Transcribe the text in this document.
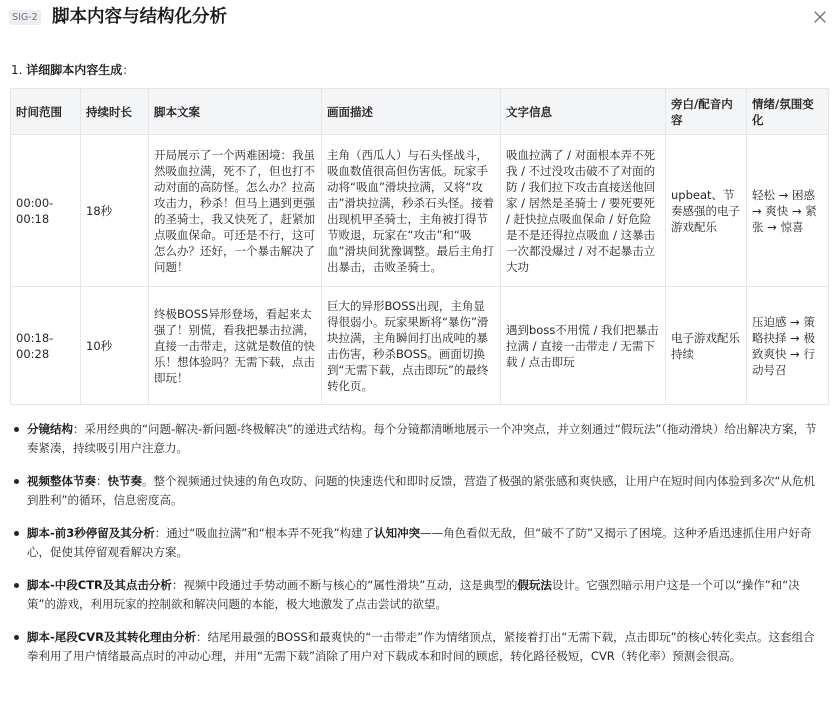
SIG-2 脚本内容与结构化分析
1. 详细脚本内容生成：
时间范围	持续时长	脚本文案	画面描述	文字信息	旁白/配音内容	情绪/氛围变化
00:00-00:18	18秒	开局展示了一个两难困境：我虽然吸血拉满，死不了，但也打不动对面的高防怪。怎么办？拉高攻击力，秒杀！但马上遇到更强的圣骑士，我又快死了，赶紧加点吸血保命。可还是不行，这可怎么办？还好，一个暴击解决了问题！	主角（西瓜人）与石头怪战斗，吸血数值很高但伤害低。玩家手动将“吸血”滑块拉满，又将“攻击”滑块拉满，秒杀石头怪。接着出现机甲圣骑士，主角被打得节节败退，玩家在“攻击”和“吸血”滑块间犹豫调整。最后主角打出暴击，击败圣骑士。	吸血拉满了 / 对面根本弄不死我 / 不过没攻击破不了对面的防 / 我们拉下攻击直接送他回家 / 居然是圣骑士 / 要死要死 / 赶快拉点吸血保命 / 好危险是不是还得拉点吸血 / 这暴击一次都没爆过 / 对不起暴击立大功	upbeat、节奏感强的电子游戏配乐	轻松 → 困惑 → 爽快 → 紧张 → 惊喜
00:18-00:28	10秒	终极BOSS异形登场，看起来太强了！别慌，看我把暴击拉满，直接一击带走，这就是数值的快乐！想体验吗？无需下载，点击即玩！	巨大的异形BOSS出现，主角显得很弱小。玩家果断将“暴伤”滑块拉满，主角瞬间打出成吨的暴击伤害，秒杀BOSS。画面切换到“无需下载，点击即玩”的最终转化页。	遇到boss不用慌 / 我们把暴击拉满 / 直接一击带走 / 无需下载 / 点击即玩	电子游戏配乐持续	压迫感 → 策略抉择 → 极致爽快 → 行动号召
分镜结构：采用经典的“问题-解决-新问题-终极解决”的递进式结构。每个分镜都清晰地展示一个冲突点，并立刻通过“假玩法”（拖动滑块）给出解决方案，节奏紧凑，持续吸引用户注意力。
视频整体节奏：快节奏。整个视频通过快速的角色攻防、问题的快速迭代和即时反馈，营造了极强的紧张感和爽快感，让用户在短时间内体验到多次“从危机到胜利”的循环，信息密度高。
脚本-前3秒停留及其分析：通过“吸血拉满”和“根本弄不死我”构建了认知冲突——角色看似无敌，但“破不了防”又揭示了困境。这种矛盾迅速抓住用户好奇心，促使其停留观看解决方案。
脚本-中段CTR及其点击分析：视频中段通过手势动画不断与核心的“属性滑块”互动，这是典型的假玩法设计。它强烈暗示用户这是一个可以“操作”和“决策”的游戏，利用玩家的控制欲和解决问题的本能，极大地激发了点击尝试的欲望。
脚本-尾段CVR及其转化理由分析：结尾用最强的BOSS和最爽快的“一击带走”作为情绪顶点，紧接着打出“无需下载，点击即玩”的核心转化卖点。这套组合拳利用了用户情绪最高点时的冲动心理，并用“无需下载”消除了用户对下载成本和时间的顾虑，转化路径极短，CVR（转化率）预测会很高。
